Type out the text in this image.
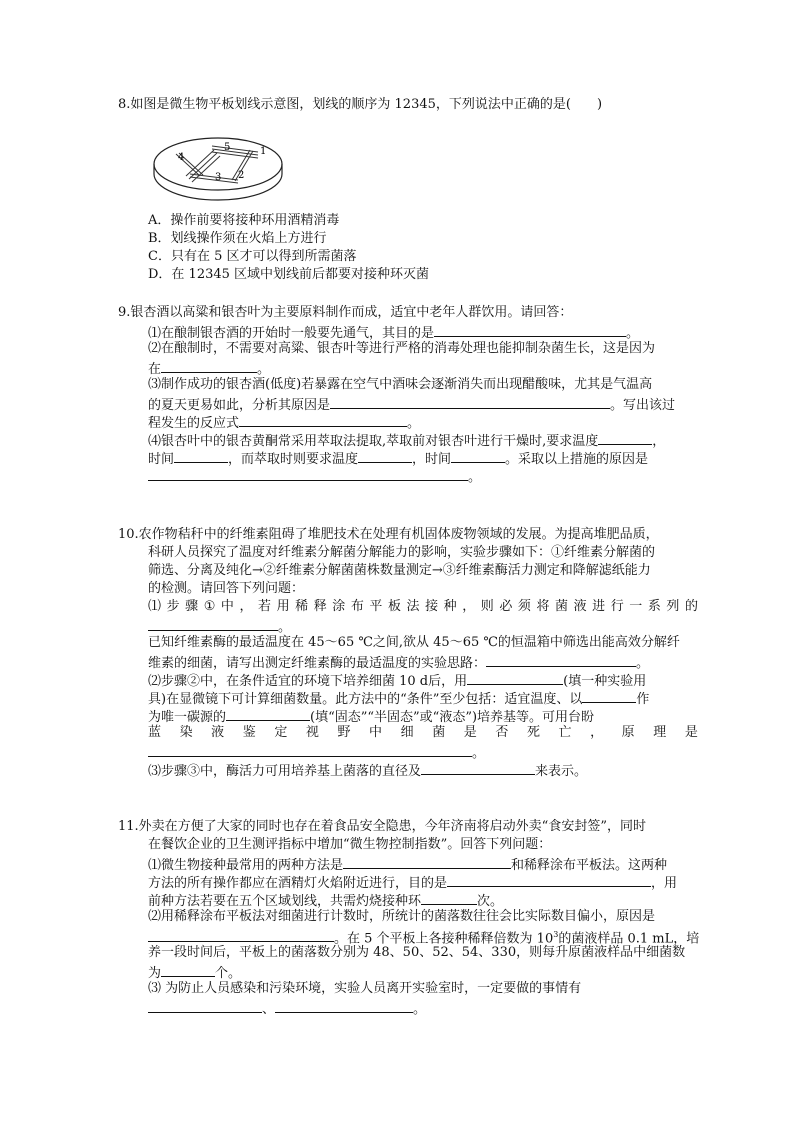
8.如图是微生物平板划线示意图，划线的顺序为 12345，下列说法中正确的是(　　)
1
2
3
4
5
A．操作前要将接种环用酒精消毒
B．划线操作须在火焰上方进行
C．只有在 5 区才可以得到所需菌落
D．在 12345 区域中划线前后都要对接种环灭菌
9.银杏酒以高粱和银杏叶为主要原料制作而成，适宜中老年人群饮用。请回答：
⑴在酿制银杏酒的开始时一般要先通气，其目的是	。
⑵在酿制时，不需要对高粱、银杏叶等进行严格的消毒处理也能抑制杂菌生长，这是因为
在	。
⑶制作成功的银杏酒(低度)若暴露在空气中酒味会逐渐消失而出现醋酸味，尤其是气温高
的夏天更易如此，分析其原因是	。写出该过
程发生的反应式	。
⑷银杏叶中的银杏黄酮常采用萃取法提取,萃取前对银杏叶进行干燥时,要求温度	，
时间	，而萃取时则要求温度	，时间	。采取以上措施的原因是
。
10.农作物秸秆中的纤维素阻碍了堆肥技术在处理有机固体废物领域的发展。为提高堆肥品质，
科研人员探究了温度对纤维素分解菌分解能力的影响，实验步骤如下：①纤维素分解菌的
筛选、分离及纯化→②纤维素分解菌菌株数量测定→③纤维素酶活力测定和降解滤纸能力
的检测。请回答下列问题：
⑴ 步 骤 ① 中 ， 若 用 稀 释 涂 布 平 板 法 接 种 ， 则 必 须 将 菌 液 进 行 一 系 列 的
。
已知纤维素酶的最适温度在 45～65 ℃之间,欲从 45～65 ℃的恒温箱中筛选出能高效分解纤
维素的细菌，请写出测定纤维素酶的最适温度的实验思路：	。
⑵步骤②中，在条件适宜的环境下培养细菌 10 d后，用	(填一种实验用
具)在显微镜下可计算细菌数量。此方法中的“条件”至少包括：适宜温度、以	作
为唯一碳源的	(填“固态”“半固态”或“液态”)培养基等。可用台盼
蓝 染 液 鉴 定 视 野 中 细 菌 是 否 死 亡 ， 原 理 是
。
⑶步骤③中，酶活力可用培养基上菌落的直径及	来表示。
11.外卖在方便了大家的同时也存在着食品安全隐患，今年济南将启动外卖“食安封签”，同时
在餐饮企业的卫生测评指标中增加“微生物控制指数”。回答下列问题：
⑴微生物接种最常用的两种方法是	和稀释涂布平板法。这两种
方法的所有操作都应在酒精灯火焰附近进行，目的是	，用
前种方法若要在五个区域划线，共需灼烧接种环	次。
⑵用稀释涂布平板法对细菌进行计数时，所统计的菌落数往往会比实际数目偏小，原因是
。在 5 个平板上各接种稀释倍数为 $10^3$的菌液样品 0.1 mL，培
养一段时间后，平板上的菌落数分别为 48、50、52、54、330，则每升原菌液样品中细菌数
为	个。
⑶ 为防止人员感染和污染环境，实验人员离开实验室时，一定要做的事情有
、	。
